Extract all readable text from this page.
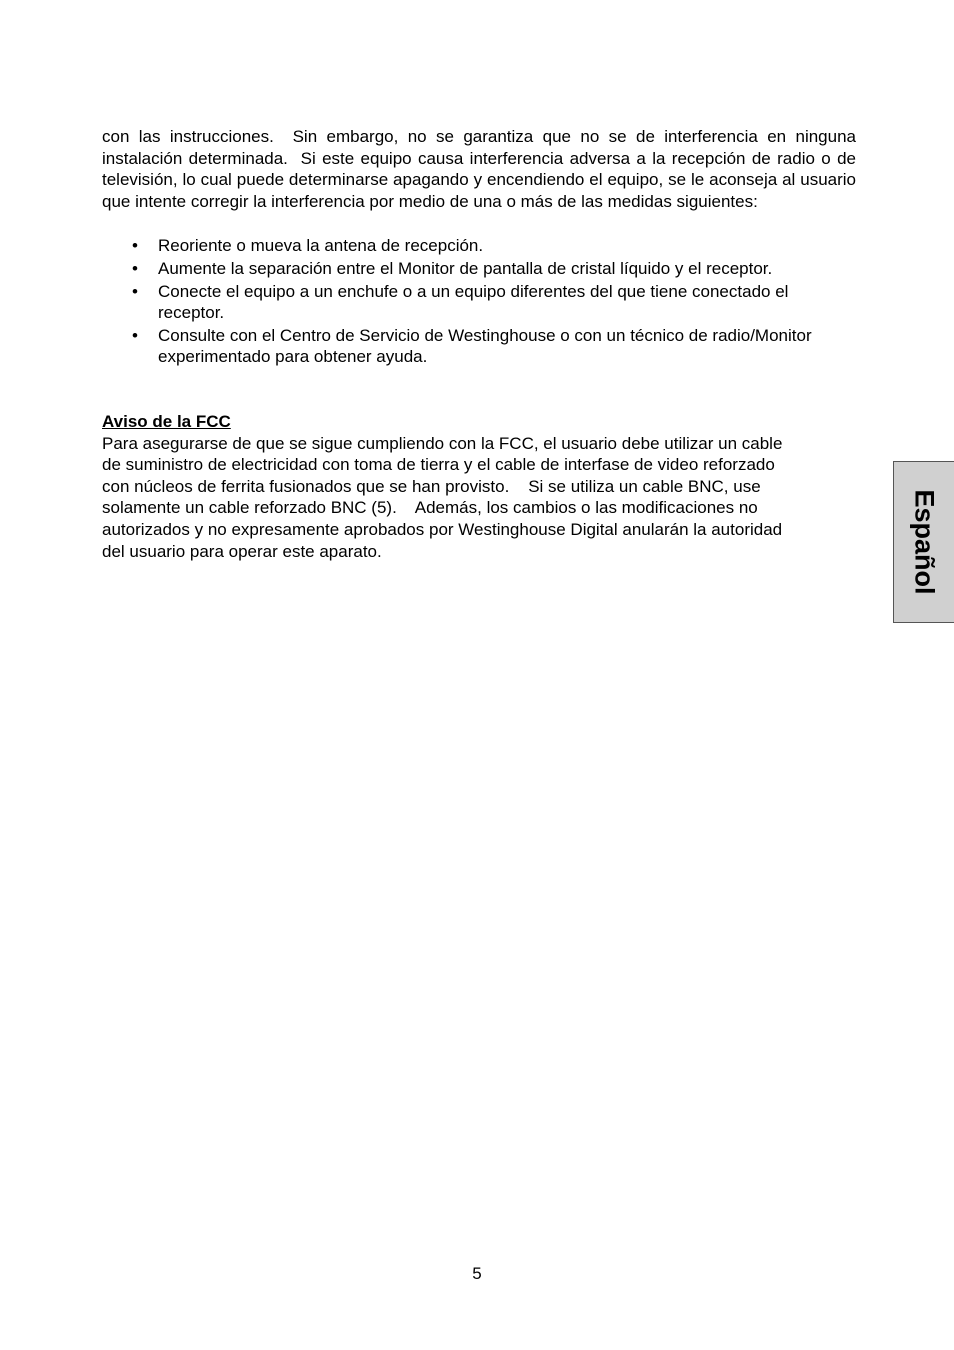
con las instrucciones.  Sin embargo, no se garantiza que no se de interferencia en ninguna instalación determinada.  Si este equipo causa interferencia adversa a la recepción de radio o de televisión, lo cual puede determinarse apagando y encendiendo el equipo, se le aconseja al usuario que intente corregir la interferencia por medio de una o más de las medidas siguientes:

• Reoriente o mueva la antena de recepción.
• Aumente la separación entre el Monitor de pantalla de cristal líquido y el receptor.
• Conecte el equipo a un enchufe o a un equipo diferentes del que tiene conectado el receptor.
• Consulte con el Centro de Servicio de Westinghouse o con un técnico de radio/Monitor experimentado para obtener ayuda.
Aviso de la FCC
Para asegurarse de que se sigue cumpliendo con la FCC, el usuario debe utilizar un cable
de suministro de electricidad con toma de tierra y el cable de interfase de video reforzado
con núcleos de ferrita fusionados que se han provisto.    Si se utiliza un cable BNC, use
solamente un cable reforzado BNC (5).    Además, los cambios o las modificaciones no
autorizados y no expresamente aprobados por Westinghouse Digital anularán la autoridad
del usuario para operar este aparato.	Español
5
